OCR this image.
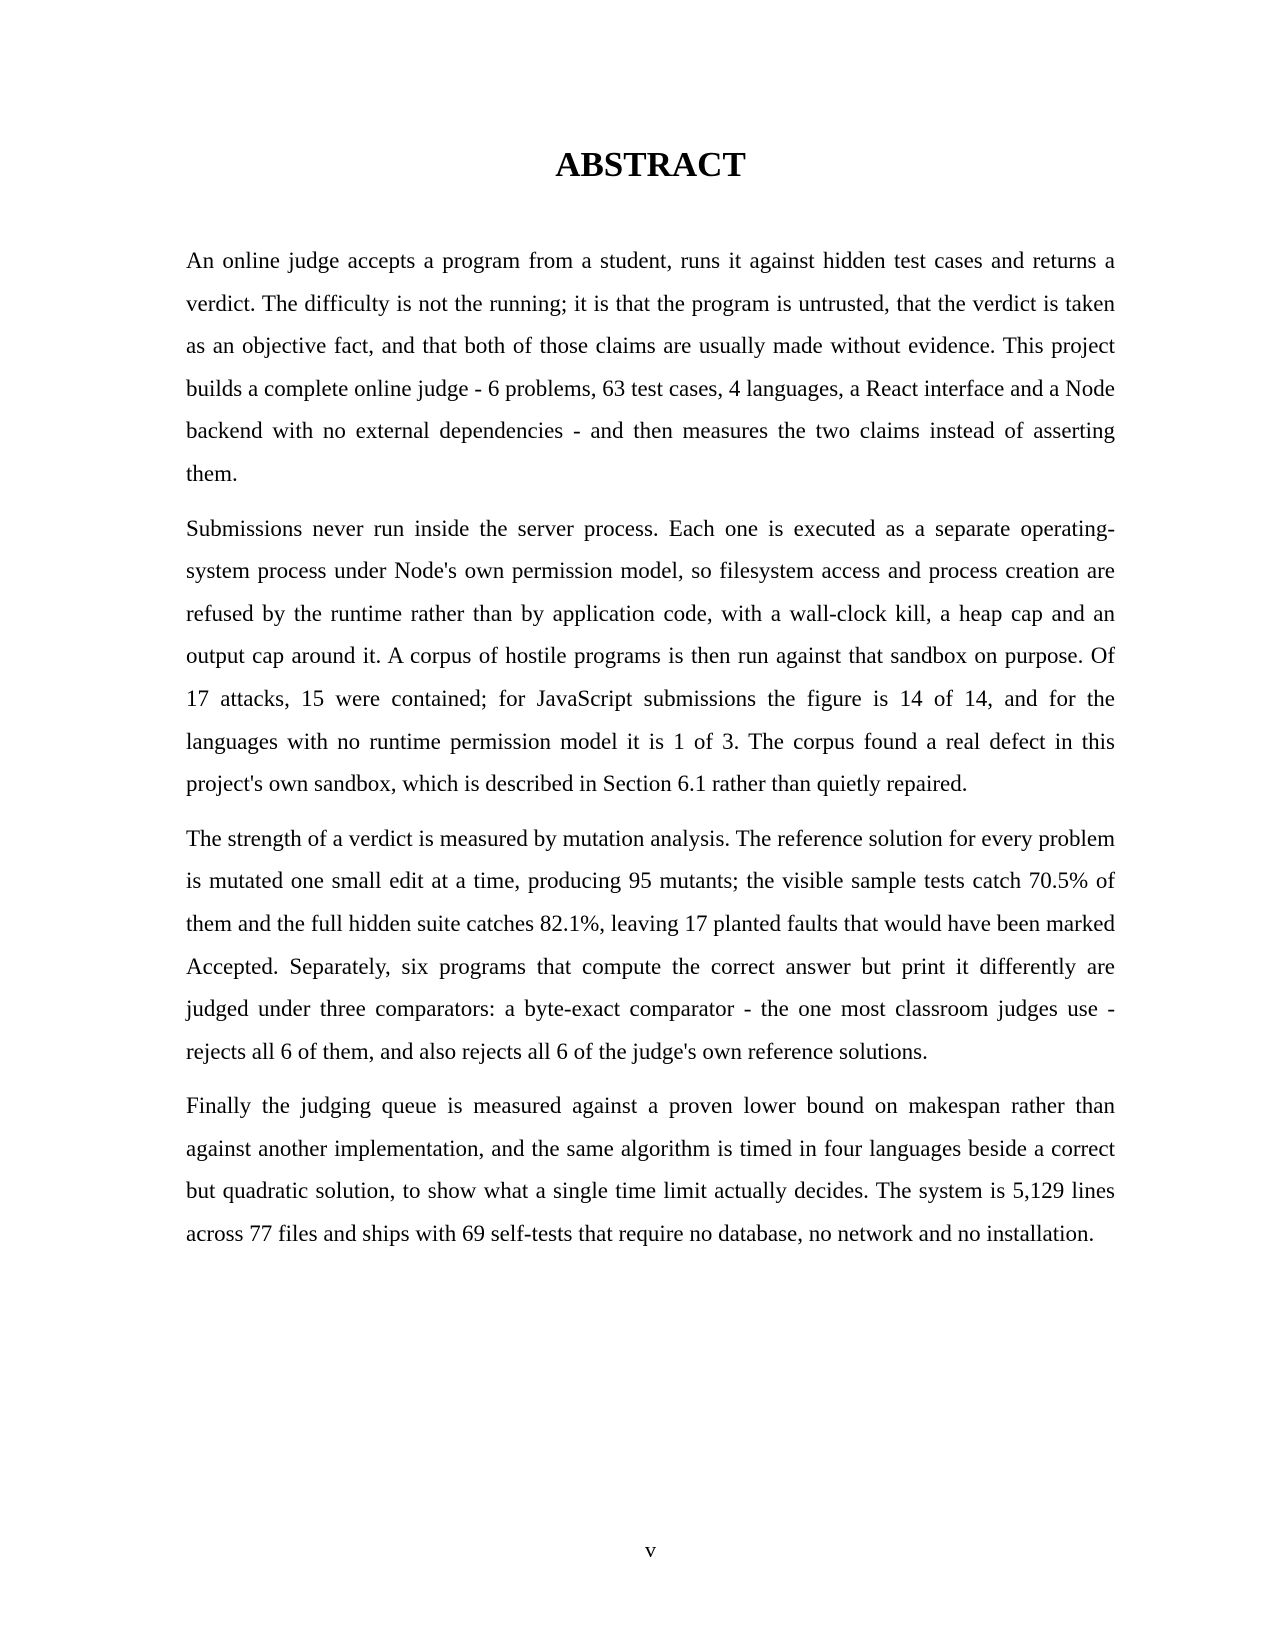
ABSTRACT

An online judge accepts a program from a student, runs it against hidden test cases and returns a verdict. The difficulty is not the running; it is that the program is untrusted, that the verdict is taken as an objective fact, and that both of those claims are usually made without evidence. This project builds a complete online judge - 6 problems, 63 test cases, 4 languages, a React interface and a Node backend with no external dependencies - and then measures the two claims instead of asserting them.

Submissions never run inside the server process. Each one is executed as a separate operating-system process under Node's own permission model, so filesystem access and process creation are refused by the runtime rather than by application code, with a wall-clock kill, a heap cap and an output cap around it. A corpus of hostile programs is then run against that sandbox on purpose. Of 17 attacks, 15 were contained; for JavaScript submissions the figure is 14 of 14, and for the languages with no runtime permission model it is 1 of 3. The corpus found a real defect in this project's own sandbox, which is described in Section 6.1 rather than quietly repaired.

The strength of a verdict is measured by mutation analysis. The reference solution for every problem is mutated one small edit at a time, producing 95 mutants; the visible sample tests catch 70.5% of them and the full hidden suite catches 82.1%, leaving 17 planted faults that would have been marked Accepted. Separately, six programs that compute the correct answer but print it differently are judged under three comparators: a byte-exact comparator - the one most classroom judges use - rejects all 6 of them, and also rejects all 6 of the judge's own reference solutions.

Finally the judging queue is measured against a proven lower bound on makespan rather than against another implementation, and the same algorithm is timed in four languages beside a correct but quadratic solution, to show what a single time limit actually decides. The system is 5,129 lines across 77 files and ships with 69 self-tests that require no database, no network and no installation.

v
